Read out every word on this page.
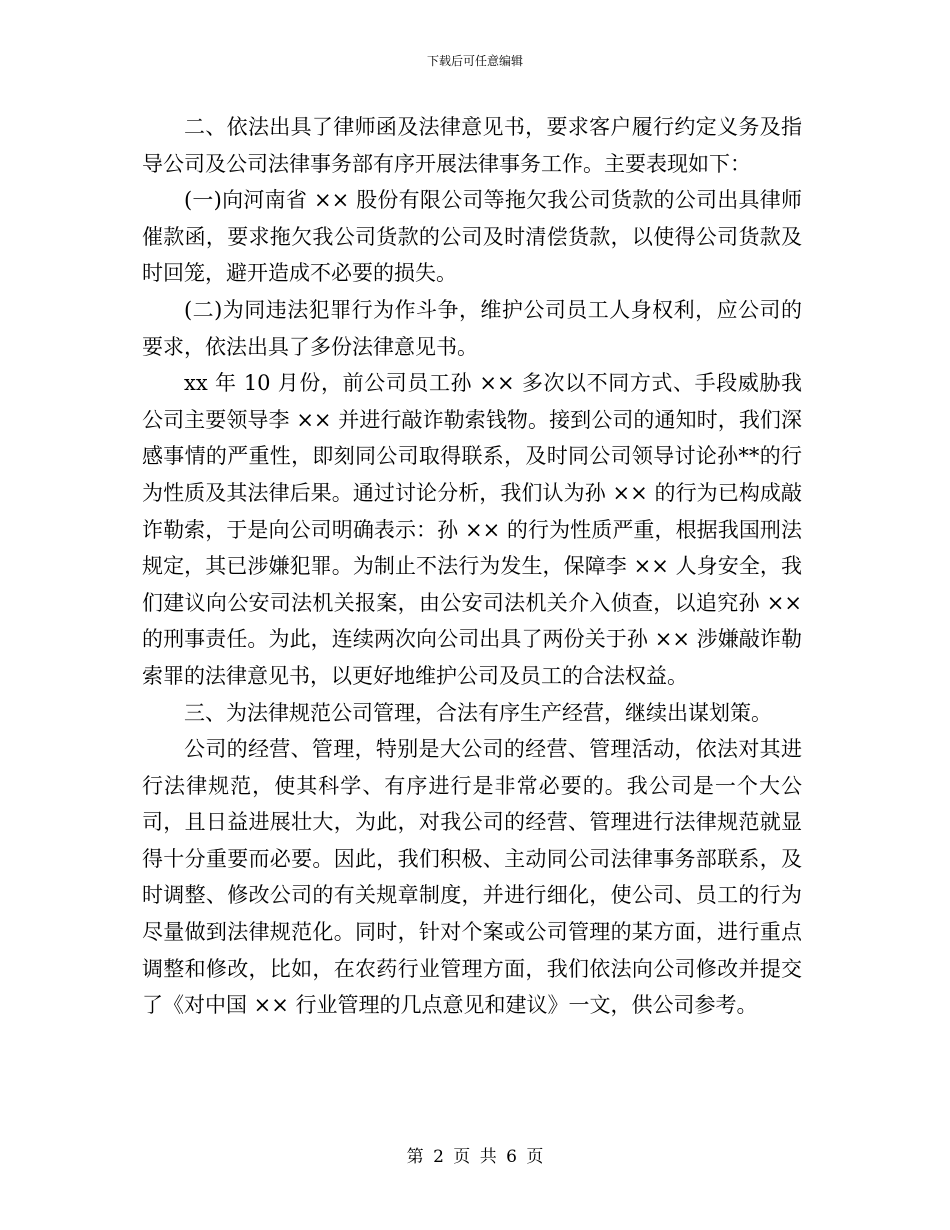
下载后可任意编辑

二、依法出具了律师函及法律意见书，要求客户履行约定义务及指导公司及公司法律事务部有序开展法律事务工作。主要表现如下：

(一)向河南省 ×× 股份有限公司等拖欠我公司货款的公司出具律师催款函，要求拖欠我公司货款的公司及时清偿货款，以使得公司货款及时回笼，避开造成不必要的损失。

(二)为同违法犯罪行为作斗争，维护公司员工人身权利，应公司的要求，依法出具了多份法律意见书。

xx 年 10 月份，前公司员工孙 ×× 多次以不同方式、手段威胁我公司主要领导李 ×× 并进行敲诈勒索钱物。接到公司的通知时，我们深感事情的严重性，即刻同公司取得联系，及时同公司领导讨论孙**的行为性质及其法律后果。通过讨论分析，我们认为孙 ×× 的行为已构成敲诈勒索，于是向公司明确表示：孙 ×× 的行为性质严重，根据我国刑法规定，其已涉嫌犯罪。为制止不法行为发生，保障李 ×× 人身安全，我们建议向公安司法机关报案，由公安司法机关介入侦查，以追究孙 ×× 的刑事责任。为此，连续两次向公司出具了两份关于孙 ×× 涉嫌敲诈勒索罪的法律意见书，以更好地维护公司及员工的合法权益。

三、为法律规范公司管理，合法有序生产经营，继续出谋划策。

公司的经营、管理，特别是大公司的经营、管理活动，依法对其进行法律规范，使其科学、有序进行是非常必要的。我公司是一个大公司，且日益进展壮大，为此，对我公司的经营、管理进行法律规范就显得十分重要而必要。因此，我们积极、主动同公司法律事务部联系，及时调整、修改公司的有关规章制度，并进行细化，使公司、员工的行为尽量做到法律规范化。同时，针对个案或公司管理的某方面，进行重点调整和修改，比如，在农药行业管理方面，我们依法向公司修改并提交了《对中国 ×× 行业管理的几点意见和建议》一文，供公司参考。

第 2 页 共 6 页
